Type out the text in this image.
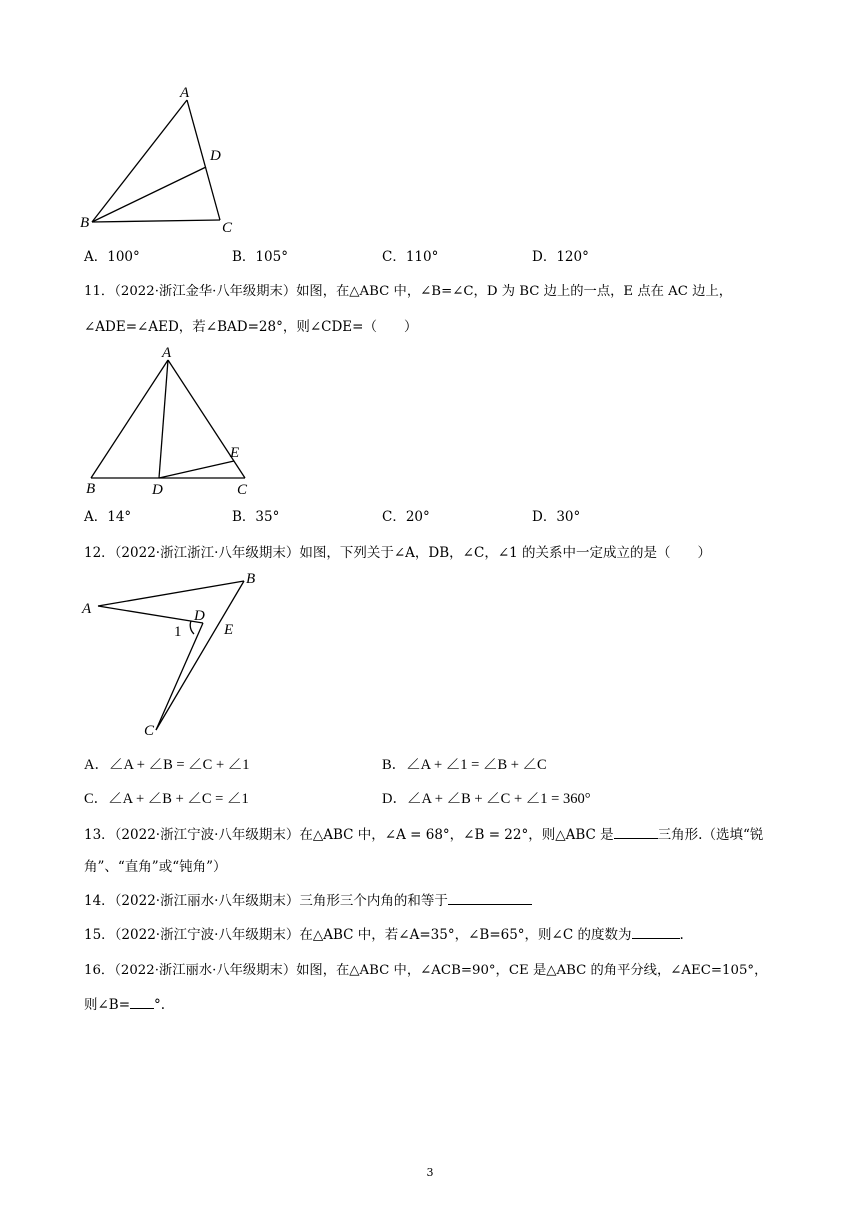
A
D
B	C
A．100°	B．105°	C．110°	D．120°
11．（2022·浙江金华·八年级期末）如图，在△ABC 中，∠B=∠C，D 为 BC 边上的一点，E 点在 AC 边上，
∠ADE=∠AED，若∠BAD=28°，则∠CDE=（　　）
A
E
B	D	C
A．14°	B．35°	C．20°	D．30°
12．（2022·浙江浙江·八年级期末）如图，下列关于∠A，DB，∠C，∠1 的关系中一定成立的是（　　）
A
B
D
E
1
C
A．∠A + ∠B = ∠C + ∠1	B．∠A + ∠1 = ∠B + ∠C
C．∠A + ∠B + ∠C = ∠1	D．∠A + ∠B + ∠C + ∠1 = 360°
13．（2022·浙江宁波·八年级期末）在△ABC 中，∠A = 68°，∠B = 22°，则△ABC 是	三角形.（选填“锐
角”、“直角”或“钝角”）
14．（2022·浙江丽水·八年级期末）三角形三个内角的和等于
15．（2022·浙江宁波·八年级期末）在△ABC 中，若∠A=35°，∠B=65°，则∠C 的度数为	.
16．（2022·浙江丽水·八年级期末）如图，在△ABC 中，∠ACB=90°，CE 是△ABC 的角平分线，∠AEC=105°，
则∠B= °.
3
